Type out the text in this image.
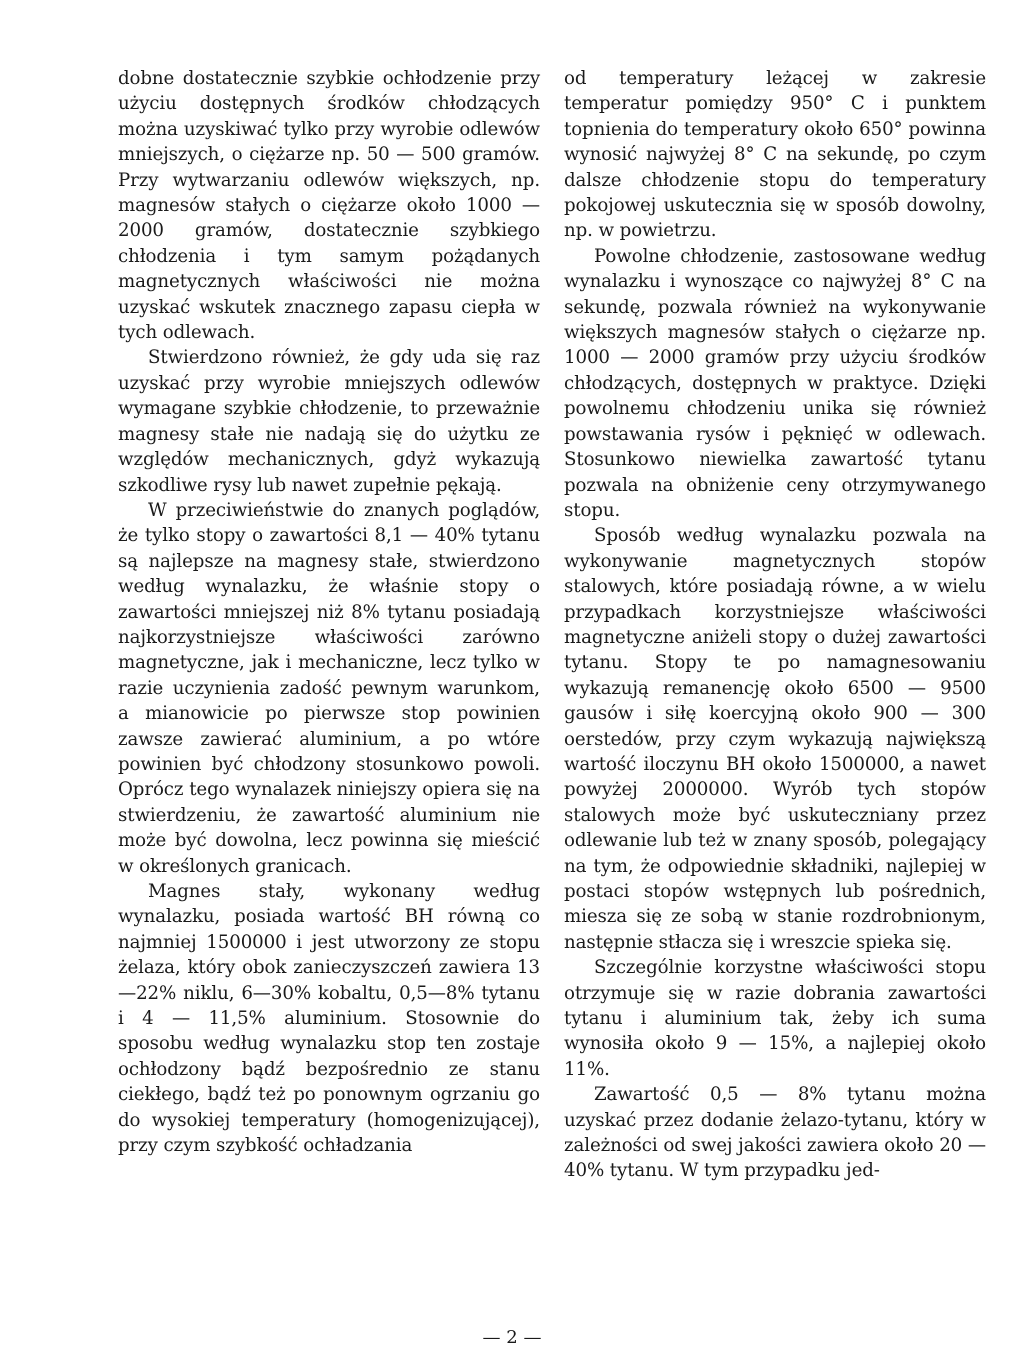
dobne dostatecznie szybkie ochłodzenie przy użyciu dostępnych środków chłodzących można uzyskiwać tylko przy wyrobie odlewów mniejszych, o ciężarze np. 50 — 500 gramów. Przy wytwarzaniu odlewów większych, np. magnesów stałych o ciężarze około 1000 — 2000 gramów, dostatecznie szybkiego chłodzenia i tym samym pożądanych magnetycznych właściwości nie można uzyskać wskutek znacznego zapasu ciepła w tych odlewach.

Stwierdzono również, że gdy uda się raz uzyskać przy wyrobie mniejszych odlewów wymagane szybkie chłodzenie, to przeważnie magnesy stałe nie nadają się do użytku ze względów mechanicznych, gdyż wykazują szkodliwe rysy lub nawet zupełnie pękają.

W przeciwieństwie do znanych poglądów, że tylko stopy o zawartości 8,1 — 40% tytanu są najlepsze na magnesy stałe, stwierdzono według wynalazku, że właśnie stopy o zawartości mniejszej niż 8% tytanu posiadają najkorzystniejsze właściwości zarówno magnetyczne, jak i mechaniczne, lecz tylko w razie uczynienia zadość pewnym warunkom, a mianowicie po pierwsze stop powinien zawsze zawierać aluminium, a po wtóre powinien być chłodzony stosunkowo powoli. Oprócz tego wynalazek niniejszy opiera się na stwierdzeniu, że zawartość aluminium nie może być dowolna, lecz powinna się mieścić w określonych granicach.

Magnes stały, wykonany według wynalazku, posiada wartość BH równą co najmniej 1500000 i jest utworzony ze stopu żelaza, który obok zanieczyszczeń zawiera 13—22% niklu, 6—30% kobaltu, 0,5—8% tytanu i 4 — 11,5% aluminium. Stosownie do sposobu według wynalazku stop ten zostaje ochłodzony bądź bezpośrednio ze stanu ciekłego, bądź też po ponownym ogrzaniu go do wysokiej temperatury (homogenizującej), przy czym szybkość ochładzania

od temperatury leżącej w zakresie temperatur pomiędzy 950° C i punktem topnienia do temperatury około 650° powinna wynosić najwyżej 8° C na sekundę, po czym dalsze chłodzenie stopu do temperatury pokojowej uskutecznia się w sposób dowolny, np. w powietrzu.

Powolne chłodzenie, zastosowane według wynalazku i wynoszące co najwyżej 8° C na sekundę, pozwala również na wykonywanie większych magnesów stałych o ciężarze np. 1000 — 2000 gramów przy użyciu środków chłodzących, dostępnych w praktyce. Dzięki powolnemu chłodzeniu unika się również powstawania rysów i pęknięć w odlewach. Stosunkowo niewielka zawartość tytanu pozwala na obniżenie ceny otrzymywanego stopu.

Sposób według wynalazku pozwala na wykonywanie magnetycznych stopów stalowych, które posiadają równe, a w wielu przypadkach korzystniejsze właściwości magnetyczne aniżeli stopy o dużej zawartości tytanu. Stopy te po namagnesowaniu wykazują remanencję około 6500 — 9500 gausów i siłę koercyjną około 900 — 300 oerstedów, przy czym wykazują największą wartość iloczynu BH około 1500000, a nawet powyżej 2000000. Wyrób tych stopów stalowych może być uskuteczniany przez odlewanie lub też w znany sposób, polegający na tym, że odpowiednie składniki, najlepiej w postaci stopów wstępnych lub pośrednich, miesza się ze sobą w stanie rozdrobnionym, następnie stłacza się i wreszcie spieka się.

Szczególnie korzystne właściwości stopu otrzymuje się w razie dobrania zawartości tytanu i aluminium tak, żeby ich suma wynosiła około 9 — 15%, a najlepiej około 11%.

Zawartość 0,5 — 8% tytanu można uzyskać przez dodanie żelazo-tytanu, który w zależności od swej jakości zawiera około 20 — 40% tytanu. W tym przypadku jed-

— 2 —
